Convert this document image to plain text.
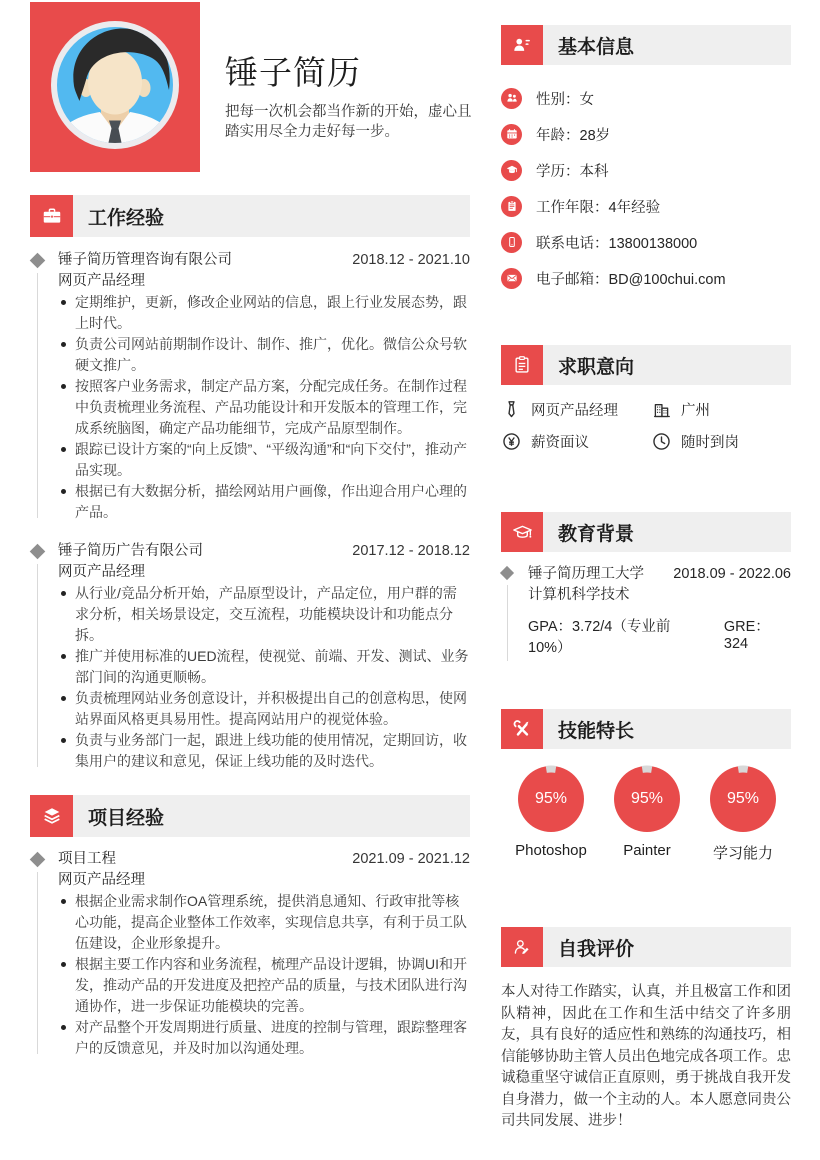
锤子简历
把每一次机会都当作新的开始，虚心且踏实用尽全力走好每一步。
工作经验
锤子简历管理咨询有限公司	2018.12 - 2021.10
网页产品经理
定期维护，更新，修改企业网站的信息，跟上行业发展态势，跟上时代。
负责公司网站前期制作设计、制作、推广，优化。微信公众号软硬文推广。
按照客户业务需求，制定产品方案，分配完成任务。在制作过程中负责梳理业务流程、产品功能设计和开发版本的管理工作，完成系统脑图，确定产品功能细节，完成产品原型制作。
跟踪已设计方案的“向上反馈”、“平级沟通”和“向下交付”，推动产品实现。
根据已有大数据分析，描绘网站用户画像，作出迎合用户心理的产品。
锤子简历广告有限公司	2017.12 - 2018.12
网页产品经理
从行业/竞品分析开始，产品原型设计，产品定位，用户群的需求分析，相关场景设定，交互流程，功能模块设计和功能点分拆。
推广并使用标准的UED流程，使视觉、前端、开发、测试、业务部门间的沟通更顺畅。
负责梳理网站业务创意设计，并积极提出自己的创意构思，使网站界面风格更具易用性。提高网站用户的视觉体验。
负责与业务部门一起，跟进上线功能的使用情况，定期回访，收集用户的建议和意见，保证上线功能的及时迭代。
项目经验
项目工程	2021.09 - 2021.12
网页产品经理
根据企业需求制作OA管理系统，提供消息通知、行政审批等核心功能，提高企业整体工作效率，实现信息共享，有利于员工队伍建设，企业形象提升。
根据主要工作内容和业务流程，梳理产品设计逻辑，协调UI和开发，推动产品的开发进度及把控产品的质量，与技术团队进行沟通协作，进一步保证功能模块的完善。
对产品整个开发周期进行质量、进度的控制与管理，跟踪整理客户的反馈意见，并及时加以沟通处理。
基本信息
性别：女
年龄：28岁
学历：本科
工作年限：4年经验
联系电话：13800138000
电子邮箱：BD@100chui.com
求职意向
网页产品经理	广州
薪资面议	随时到岗
教育背景
锤子简历理工大学 2018.09 - 2022.06
计算机科学技术
GPA：3.72/4（专业前10%）
GRE：324
技能特长
95%
Photoshop
95%
Painter
95%
学习能力
自我评价

本人对待工作踏实，认真，并且极富工作和团队精神，因此在工作和生活中结交了许多朋友，具有良好的适应性和熟练的沟通技巧，相信能够协助主管人员出色地完成各项工作。忠诚稳重坚守诚信正直原则，勇于挑战自我开发自身潜力，做一个主动的人。本人愿意同贵公司共同发展、进步！
